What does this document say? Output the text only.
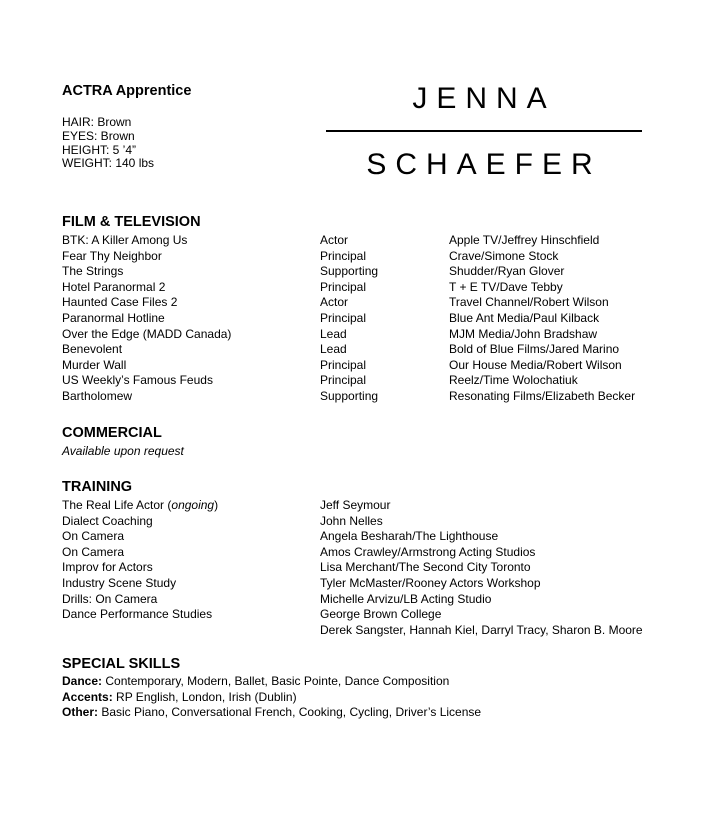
ACTRA Apprentice
HAIR: Brown
EYES: Brown
HEIGHT: 5 ’4”
WEIGHT: 140 lbs
JENNA
SCHAEFER
FILM & TELEVISION
BTK: A Killer Among Us
Fear Thy Neighbor
The Strings
Hotel Paranormal 2
Haunted Case Files 2
Paranormal Hotline
Over the Edge (MADD Canada)
Benevolent
Murder Wall
US Weekly’s Famous Feuds
Bartholomew
Actor
Principal
Supporting
Principal
Actor
Principal
Lead
Lead
Principal
Principal
Supporting
Apple TV/Jeffrey Hinschfield
Crave/Simone Stock
Shudder/Ryan Glover
T + E TV/Dave Tebby
Travel Channel/Robert Wilson
Blue Ant Media/Paul Kilback
MJM Media/John Bradshaw
Bold of Blue Films/Jared Marino
Our House Media/Robert Wilson
Reelz/Time Wolochatiuk
Resonating Films/Elizabeth Becker
COMMERCIAL
Available upon request
TRAINING
The Real Life Actor (ongoing)
Dialect Coaching
On Camera
On Camera
Improv for Actors
Industry Scene Study
Drills: On Camera
Dance Performance Studies
Jeff Seymour
John Nelles
Angela Besharah/The Lighthouse
Amos Crawley/Armstrong Acting Studios
Lisa Merchant/The Second City Toronto
Tyler McMaster/Rooney Actors Workshop
Michelle Arvizu/LB Acting Studio
George Brown College
Derek Sangster, Hannah Kiel, Darryl Tracy, Sharon B. Moore
SPECIAL SKILLS
Dance: Contemporary, Modern, Ballet, Basic Pointe, Dance Composition
Accents: RP English, London, Irish (Dublin)
Other: Basic Piano, Conversational French, Cooking, Cycling, Driver’s License
